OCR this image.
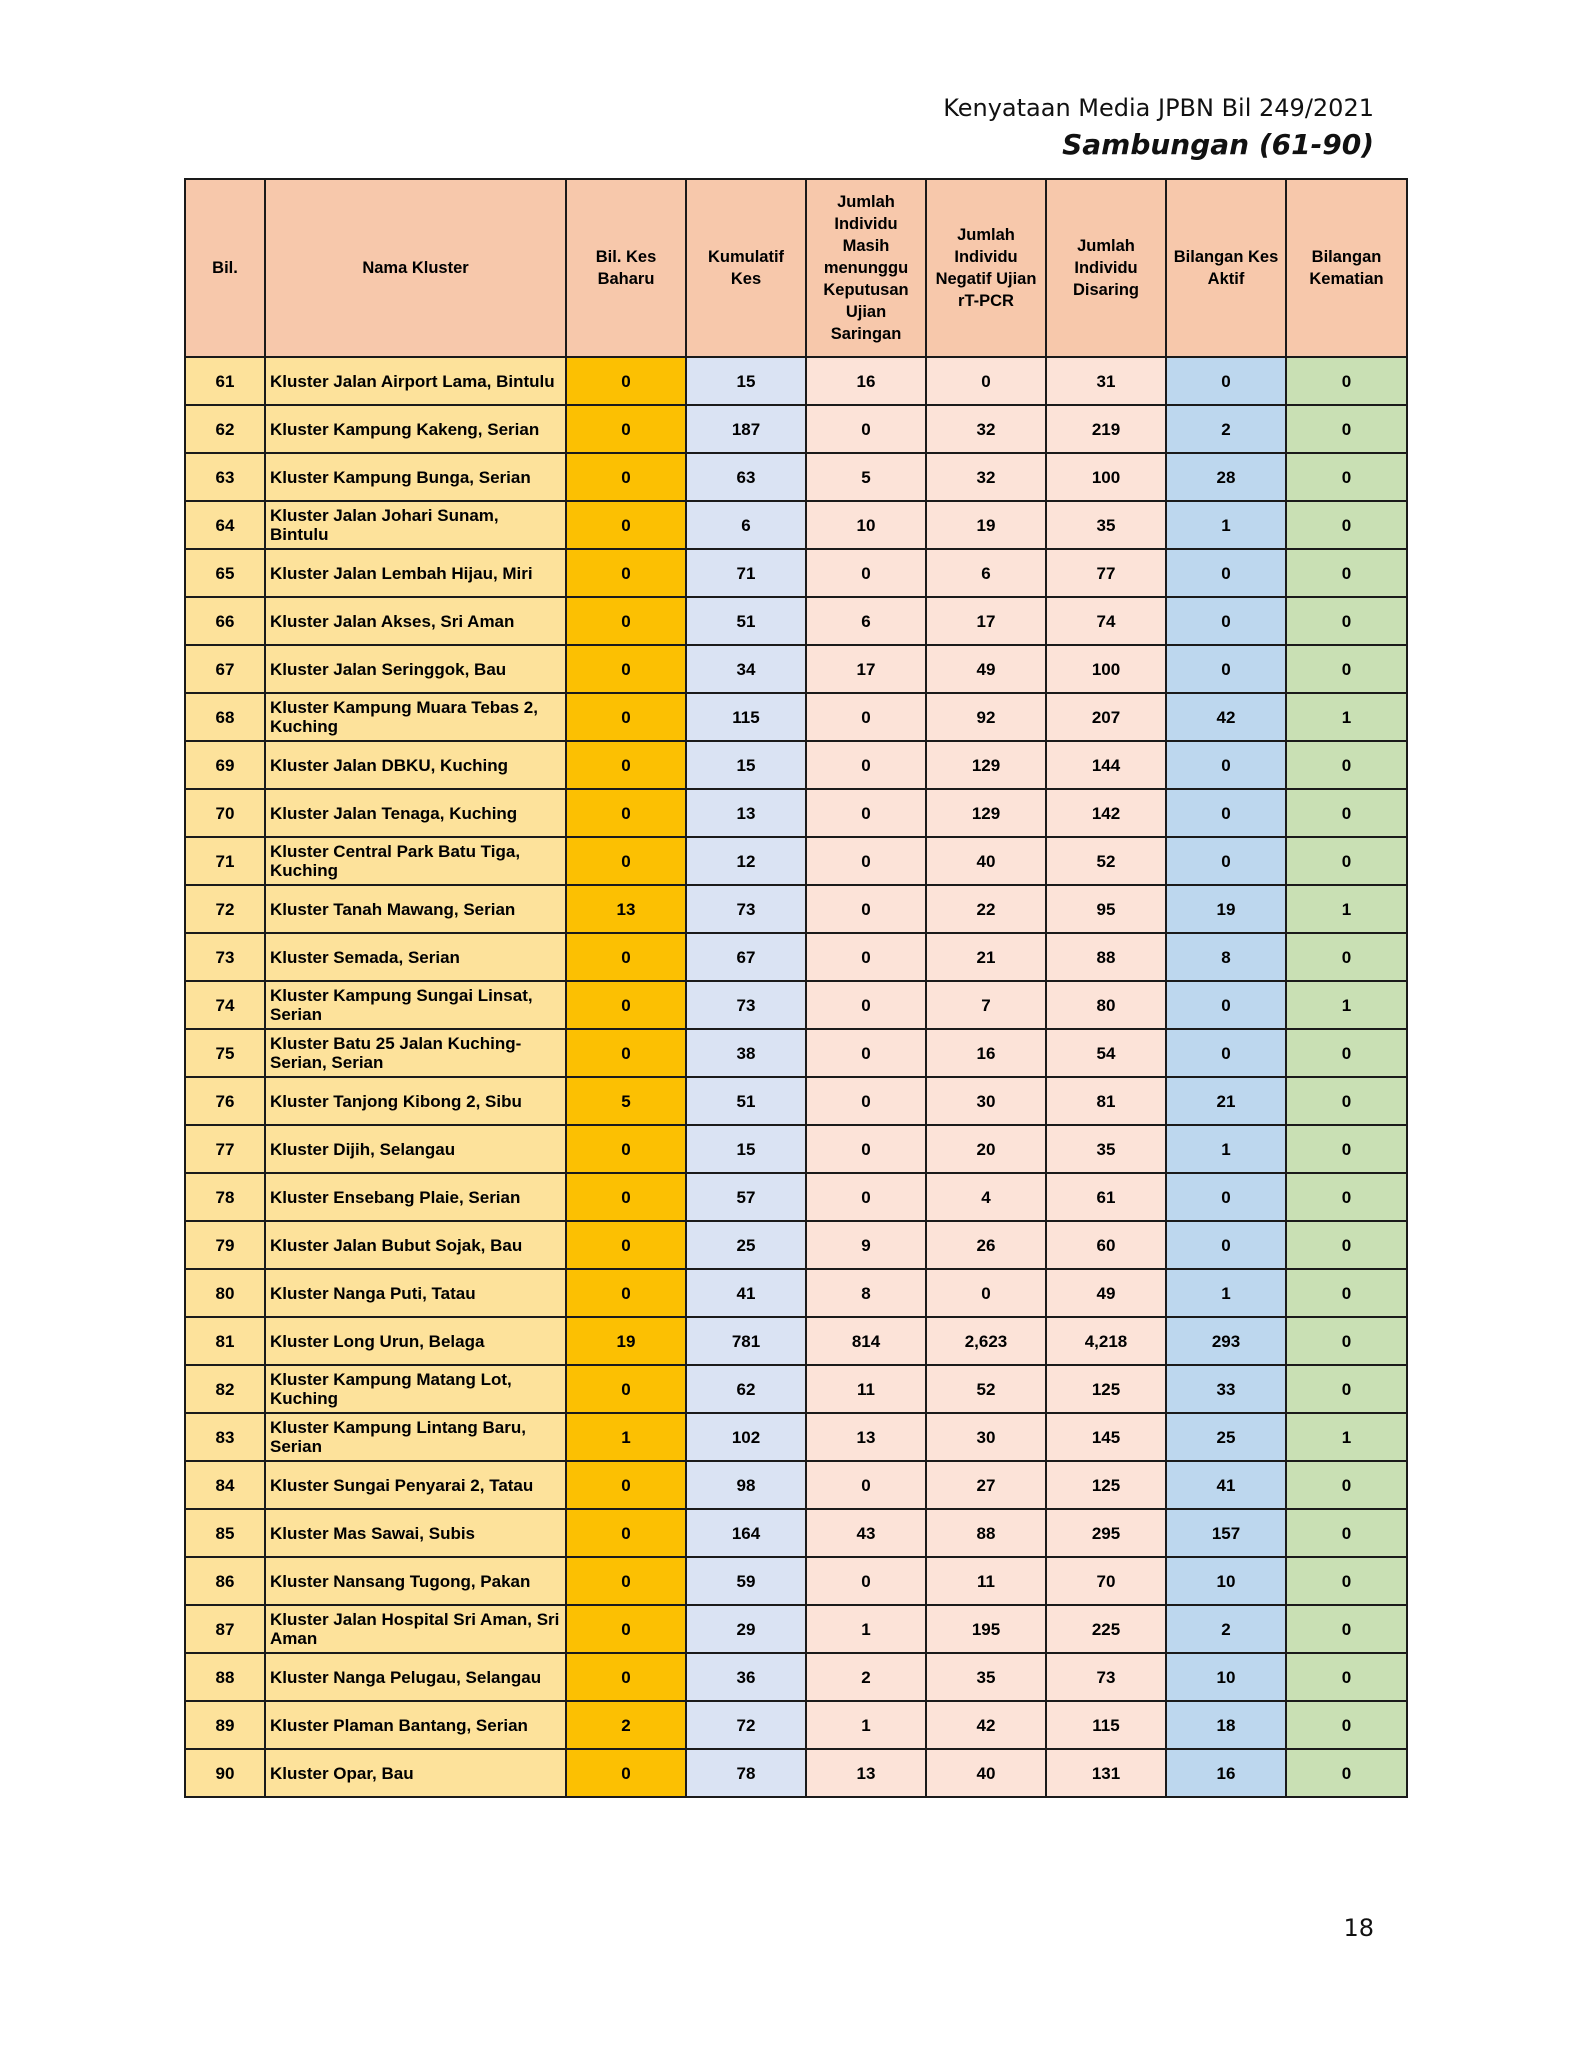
Kenyataan Media JPBN Bil 249/2021
Sambungan (61-90)
Bil.	Nama Kluster	Bil. Kes Baharu	Kumulatif Kes	Jumlah Individu Masih menunggu Keputusan Ujian Saringan	Jumlah Individu Negatif Ujian rT-PCR	Jumlah Individu Disaring	Bilangan Kes Aktif	Bilangan Kematian
61	Kluster Jalan Airport Lama, Bintulu	0	15	16	0	31	0	0
62	Kluster Kampung Kakeng, Serian	0	187	0	32	219	2	0
63	Kluster Kampung Bunga, Serian	0	63	5	32	100	28	0
64	Kluster Jalan Johari Sunam, Bintulu	0	6	10	19	35	1	0
65	Kluster Jalan Lembah Hijau, Miri	0	71	0	6	77	0	0
66	Kluster Jalan Akses, Sri Aman	0	51	6	17	74	0	0
67	Kluster Jalan Seringgok, Bau	0	34	17	49	100	0	0
68	Kluster Kampung Muara Tebas 2, Kuching	0	115	0	92	207	42	1
69	Kluster Jalan DBKU, Kuching	0	15	0	129	144	0	0
70	Kluster Jalan Tenaga, Kuching	0	13	0	129	142	0	0
71	Kluster Central Park Batu Tiga, Kuching	0	12	0	40	52	0	0
72	Kluster Tanah Mawang, Serian	13	73	0	22	95	19	1
73	Kluster Semada, Serian	0	67	0	21	88	8	0
74	Kluster Kampung Sungai Linsat, Serian	0	73	0	7	80	0	1
75	Kluster Batu 25 Jalan Kuching-Serian, Serian	0	38	0	16	54	0	0
76	Kluster Tanjong Kibong 2, Sibu	5	51	0	30	81	21	0
77	Kluster Dijih, Selangau	0	15	0	20	35	1	0
78	Kluster Ensebang Plaie, Serian	0	57	0	4	61	0	0
79	Kluster Jalan Bubut Sojak, Bau	0	25	9	26	60	0	0
80	Kluster Nanga Puti, Tatau	0	41	8	0	49	1	0
81	Kluster Long Urun, Belaga	19	781	814	2,623	4,218	293	0
82	Kluster Kampung Matang Lot, Kuching	0	62	11	52	125	33	0
83	Kluster Kampung Lintang Baru, Serian	1	102	13	30	145	25	1
84	Kluster Sungai Penyarai 2, Tatau	0	98	0	27	125	41	0
85	Kluster Mas Sawai, Subis	0	164	43	88	295	157	0
86	Kluster Nansang Tugong, Pakan	0	59	0	11	70	10	0
87	Kluster Jalan Hospital Sri Aman, Sri Aman	0	29	1	195	225	2	0
88	Kluster Nanga Pelugau, Selangau	0	36	2	35	73	10	0
89	Kluster Plaman Bantang, Serian	2	72	1	42	115	18	0
90	Kluster Opar, Bau	0	78	13	40	131	16	0
18
